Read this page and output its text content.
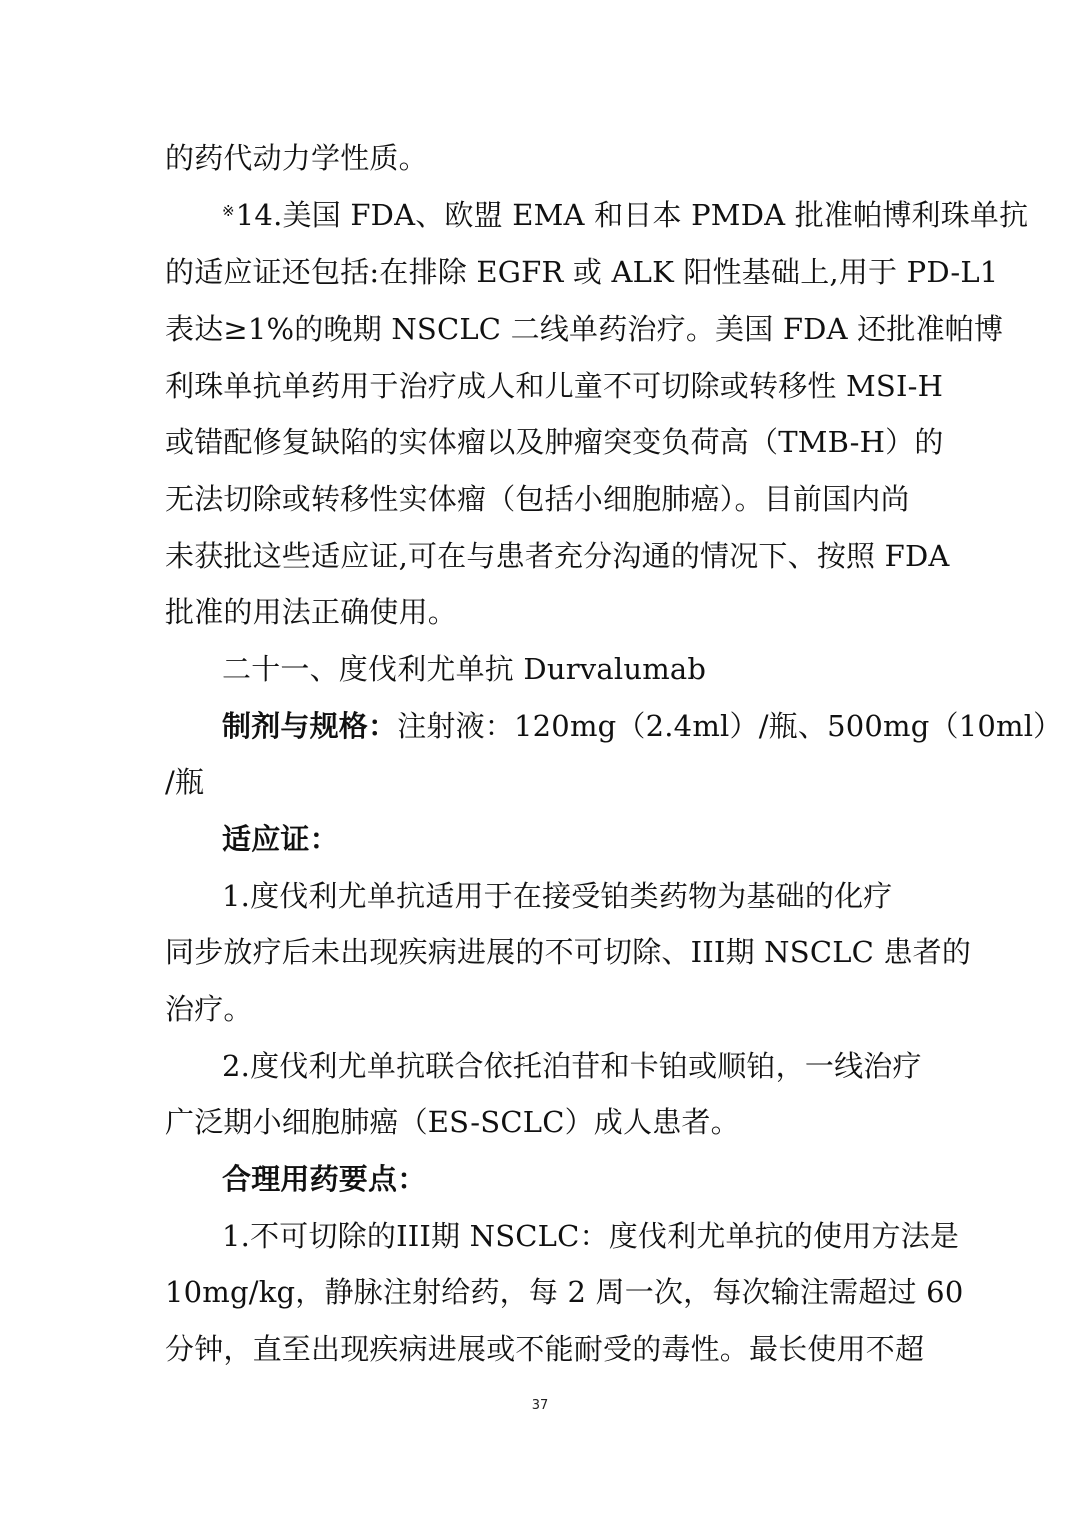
的药代动力学性质。
※14.美国 FDA、欧盟 EMA 和日本 PMDA 批准帕博利珠单抗
的适应证还包括:在排除 EGFR 或 ALK 阳性基础上,用于 PD-L1
表达≥1%的晚期 NSCLC 二线单药治疗。美国 FDA 还批准帕博
利珠单抗单药用于治疗成人和儿童不可切除或转移性 MSI-H
或错配修复缺陷的实体瘤以及肿瘤突变负荷高（TMB-H）的
无法切除或转移性实体瘤（包括小细胞肺癌）。目前国内尚
未获批这些适应证,可在与患者充分沟通的情况下、按照 FDA
批准的用法正确使用。
二十一、度伐利尤单抗 Durvalumab
制剂与规格：注射液：120mg（2.4ml）/瓶、500mg（10ml）
/瓶
适应证：
1.度伐利尤单抗适用于在接受铂类药物为基础的化疗
同步放疗后未出现疾病进展的不可切除、III期 NSCLC 患者的
治疗。
2.度伐利尤单抗联合依托泊苷和卡铂或顺铂，一线治疗
广泛期小细胞肺癌（ES-SCLC）成人患者。
合理用药要点：
1.不可切除的III期 NSCLC：度伐利尤单抗的使用方法是
10mg/kg，静脉注射给药，每 2 周一次，每次输注需超过 60
分钟，直至出现疾病进展或不能耐受的毒性。最长使用不超
37
